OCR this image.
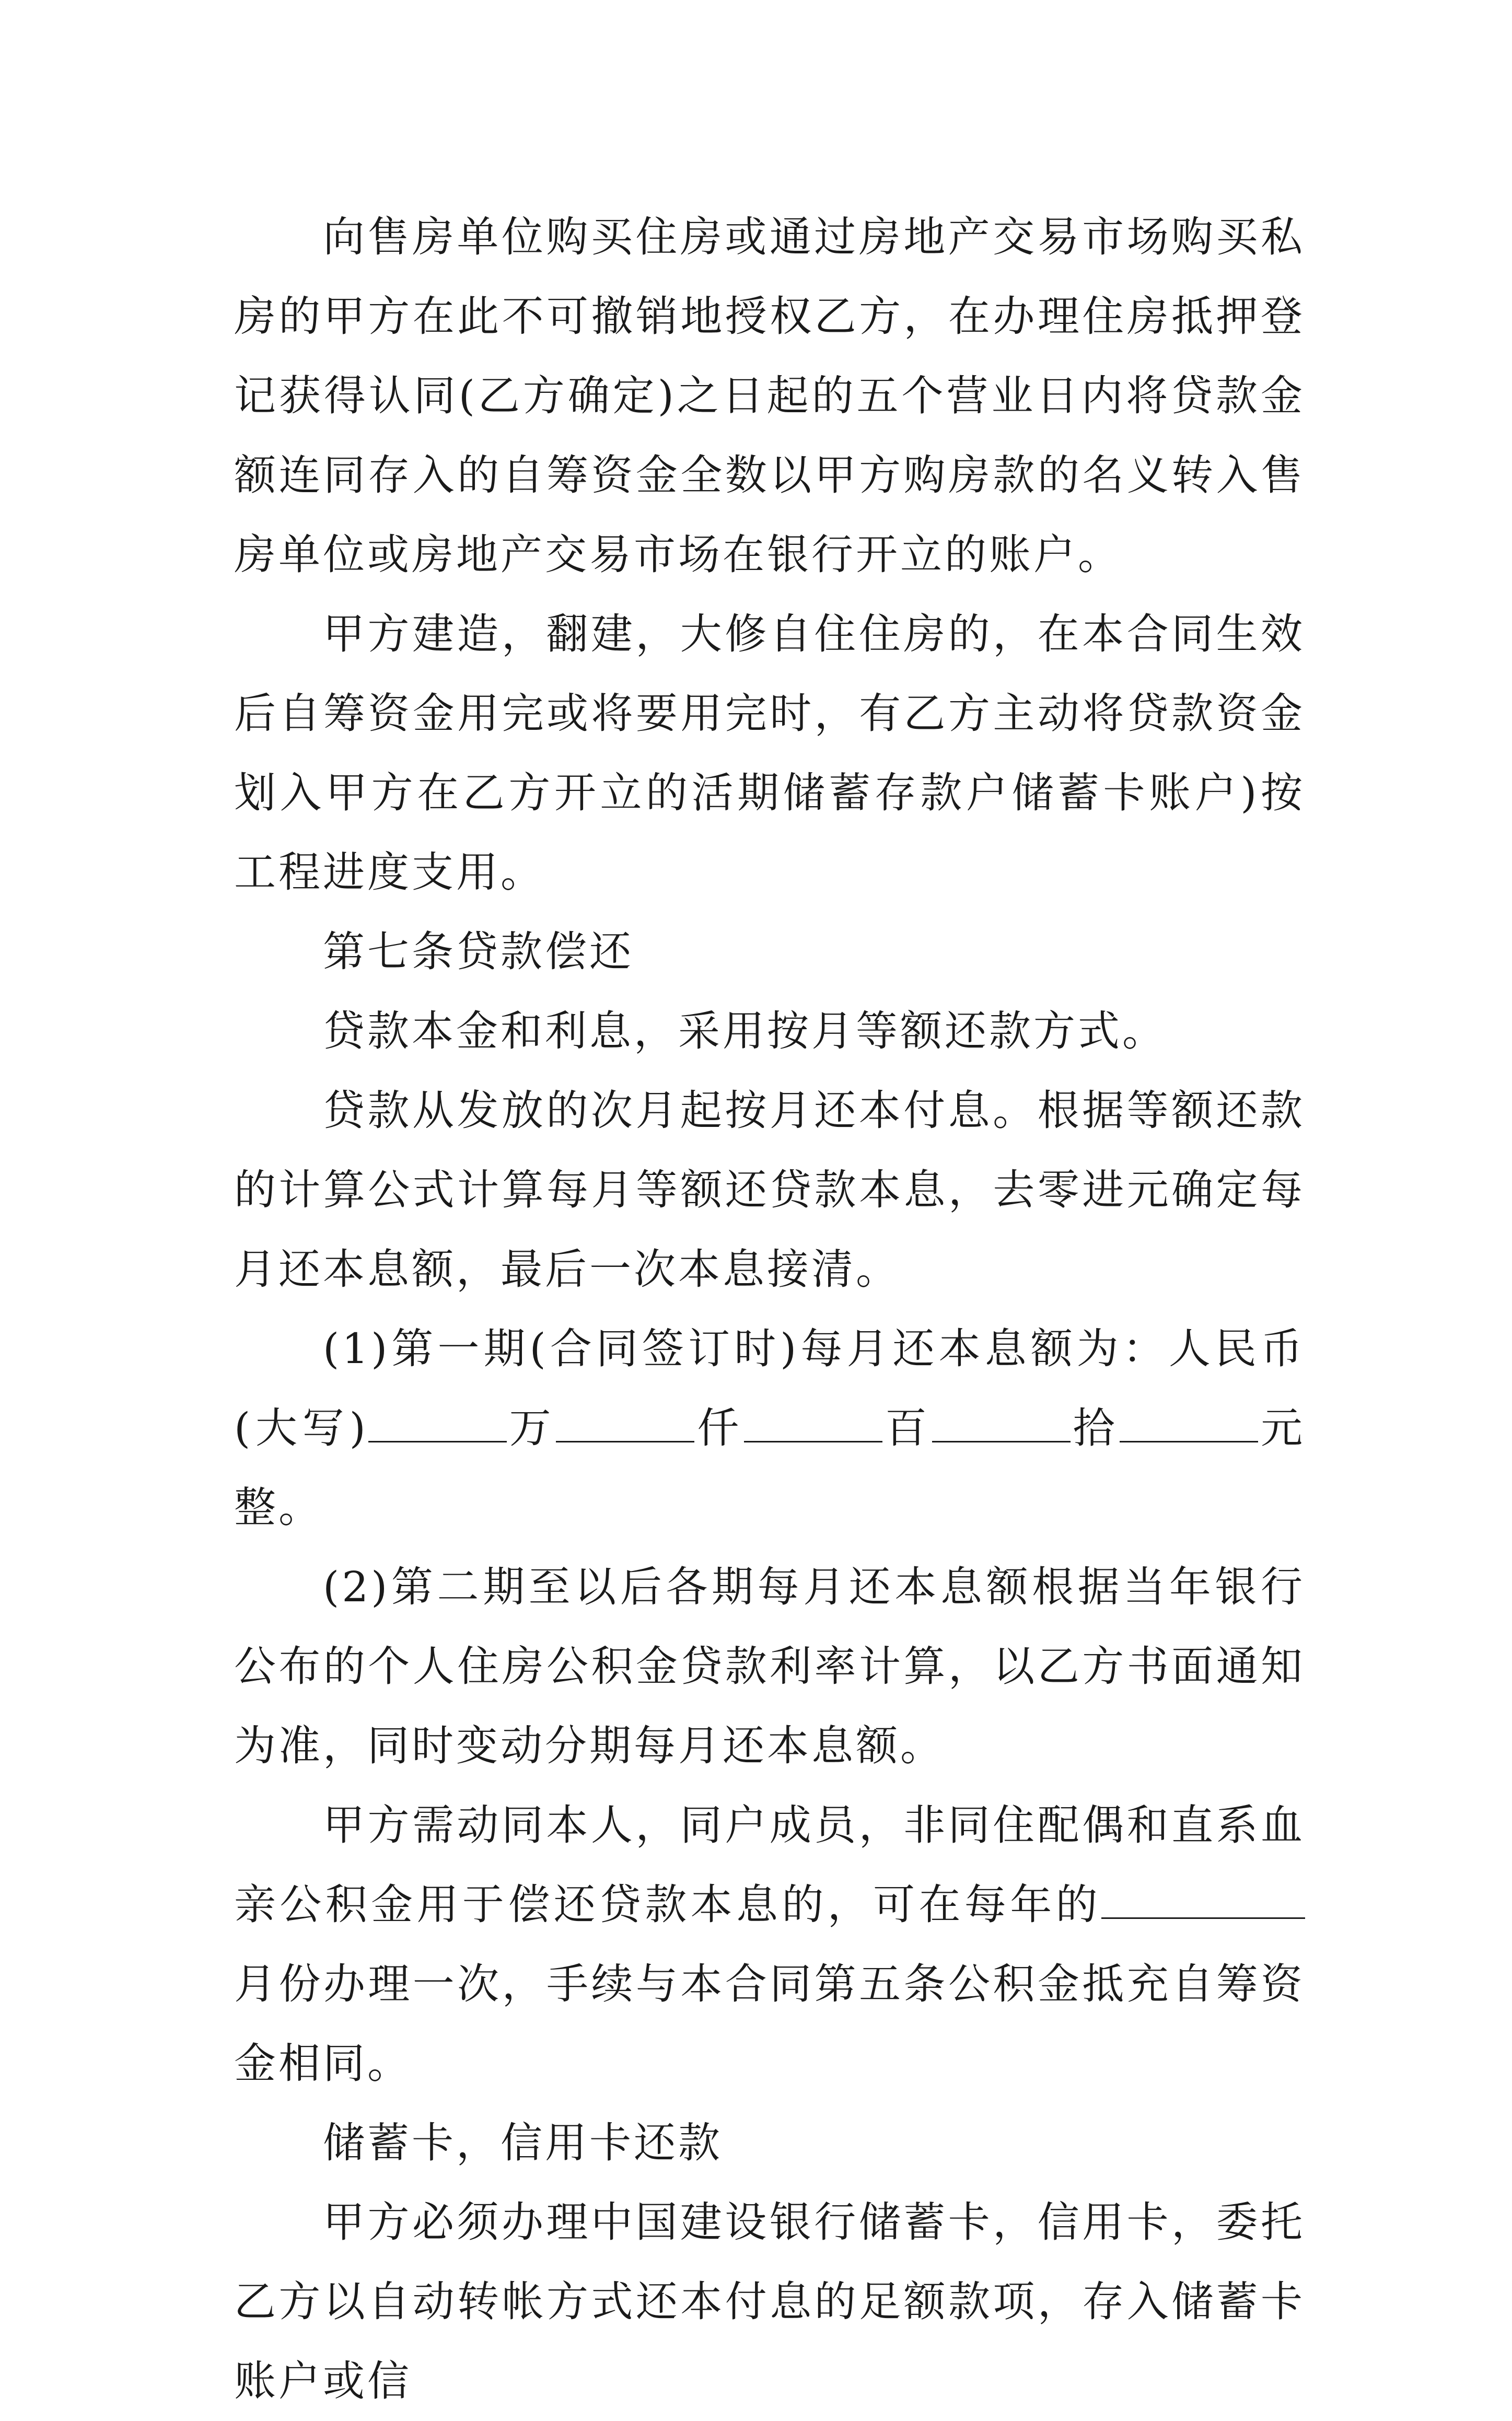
向售房单位购买住房或通过房地产交易市场购买私房的甲方在此不可撤销地授权乙方，在办理住房抵押登记获得认同(乙方确定)之日起的五个营业日内将贷款金额连同存入的自筹资金全数以甲方购房款的名义转入售房单位或房地产交易市场在银行开立的账户。

甲方建造，翻建，大修自住住房的，在本合同生效后自筹资金用完或将要用完时，有乙方主动将贷款资金划入甲方在乙方开立的活期储蓄存款户储蓄卡账户)按工程进度支用。

第七条贷款偿还

贷款本金和利息，采用按月等额还款方式。

贷款从发放的次月起按月还本付息。根据等额还款的计算公式计算每月等额还贷款本息，去零进元确定每月还本息额，最后一次本息接清。

(1)第一期(合同签订时)每月还本息额为：人民币(大写)	万	仟	百	拾	元整。

(2)第二期至以后各期每月还本息额根据当年银行公布的个人住房公积金贷款利率计算，以乙方书面通知为准，同时变动分期每月还本息额。

甲方需动同本人，同户成员，非同住配偶和直系血亲公积金用于偿还贷款本息的，可在每年的月份办理一次，手续与本合同第五条公积金抵充自筹资金相同。

储蓄卡，信用卡还款

甲方必须办理中国建设银行储蓄卡，信用卡，委托乙方以自动转帐方式还本付息的足额款项，存入储蓄卡账户或信
